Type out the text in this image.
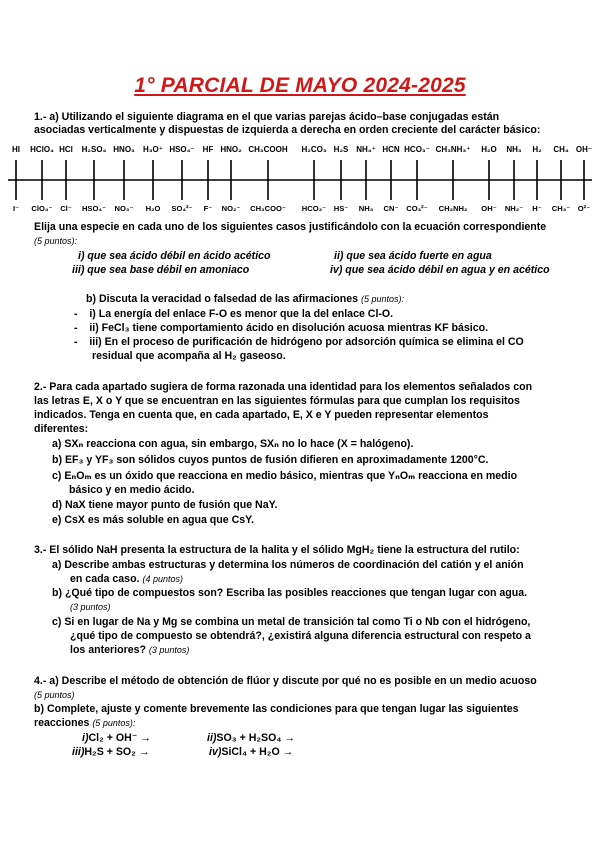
1° PARCIAL DE MAYO 2024-2025
1.- a) Utilizando el siguiente diagrama en el que varias parejas ácido–base conjugadas están
asociadas verticalmente y dispuestas de izquierda a derecha en orden creciente del carácter básico:
HI HClO₄ HCl H₂SO₄ HNO₃ H₃O⁺ HSO₄⁻ HF HNO₂ CH₃COOH H₂CO₃ H₂S NH₄⁺ HCN HCO₃⁻ CH₃NH₃⁺ H₂O NH₃ H₂ CH₄ OH⁻
I⁻ ClO₄⁻ Cl⁻ HSO₄⁻ NO₃⁻ H₂O SO₄²⁻ F⁻ NO₂⁻ CH₃COO⁻ HCO₃⁻ HS⁻ NH₃ CN⁻ CO₃²⁻ CH₃NH₂ OH⁻ NH₂⁻ H⁻ CH₃⁻ O²⁻
Elija una especie en cada uno de los siguientes casos justificándolo con la ecuación correspondiente
(5 puntos):
i) que sea ácido débil en ácido acético	ii) que sea ácido fuerte en agua
iii) que sea base débil en amoniaco	iv) que sea ácido débil en agua y en acético
b) Discuta la veracidad o falsedad de las afirmaciones (5 puntos):
-    i) La energía del enlace F-O es menor que la del enlace Cl-O.
-    ii) FeCl₃ tiene comportamiento ácido en disolución acuosa mientras KF básico.
-    iii) En el proceso de purificación de hidrógeno por adsorción química se elimina el CO
residual que acompaña al H₂ gaseoso.
2.- Para cada apartado sugiera de forma razonada una identidad para los elementos señalados con
las letras E, X o Y que se encuentran en las siguientes fórmulas para que cumplan los requisitos
indicados. Tenga en cuenta que, en cada apartado, E, X e Y pueden representar elementos
diferentes:
a) SXₙ reacciona con agua, sin embargo, SXₙ no lo hace (X = halógeno).
b) EF₃ y YF₃ son sólidos cuyos puntos de fusión difieren en aproximadamente 1200°C.
c) EₙOₘ es un óxido que reacciona en medio básico, mientras que YₙOₘ reacciona en medio
básico y en medio ácido.
d) NaX tiene mayor punto de fusión que NaY.
e) CsX es más soluble en agua que CsY.
3.- El sólido NaH presenta la estructura de la halita y el sólido MgH₂ tiene la estructura del rutilo:
a) Describe ambas estructuras y determina los números de coordinación del catión y el anión
en cada caso. (4 puntos)
b) ¿Qué tipo de compuestos son? Escriba las posibles reacciones que tengan lugar con agua.
(3 puntos)
c) Si en lugar de Na y Mg se combina un metal de transición tal como Ti o Nb con el hidrógeno,
¿qué tipo de compuesto se obtendrá?, ¿existirá alguna diferencia estructural con respeto a
los anteriores? (3 puntos)
4.- a) Describe el método de obtención de flúor y discute por qué no es posible en un medio acuoso
(5 puntos)
b) Complete, ajuste y comente brevemente las condiciones para que tengan lugar las siguientes
reacciones (5 puntos):
i)Cl₂ + OH⁻ →	ii)SO₃ + H₂SO₄ →
iii)H₂S + SO₂ →	iv)SiCl₄ + H₂O →
